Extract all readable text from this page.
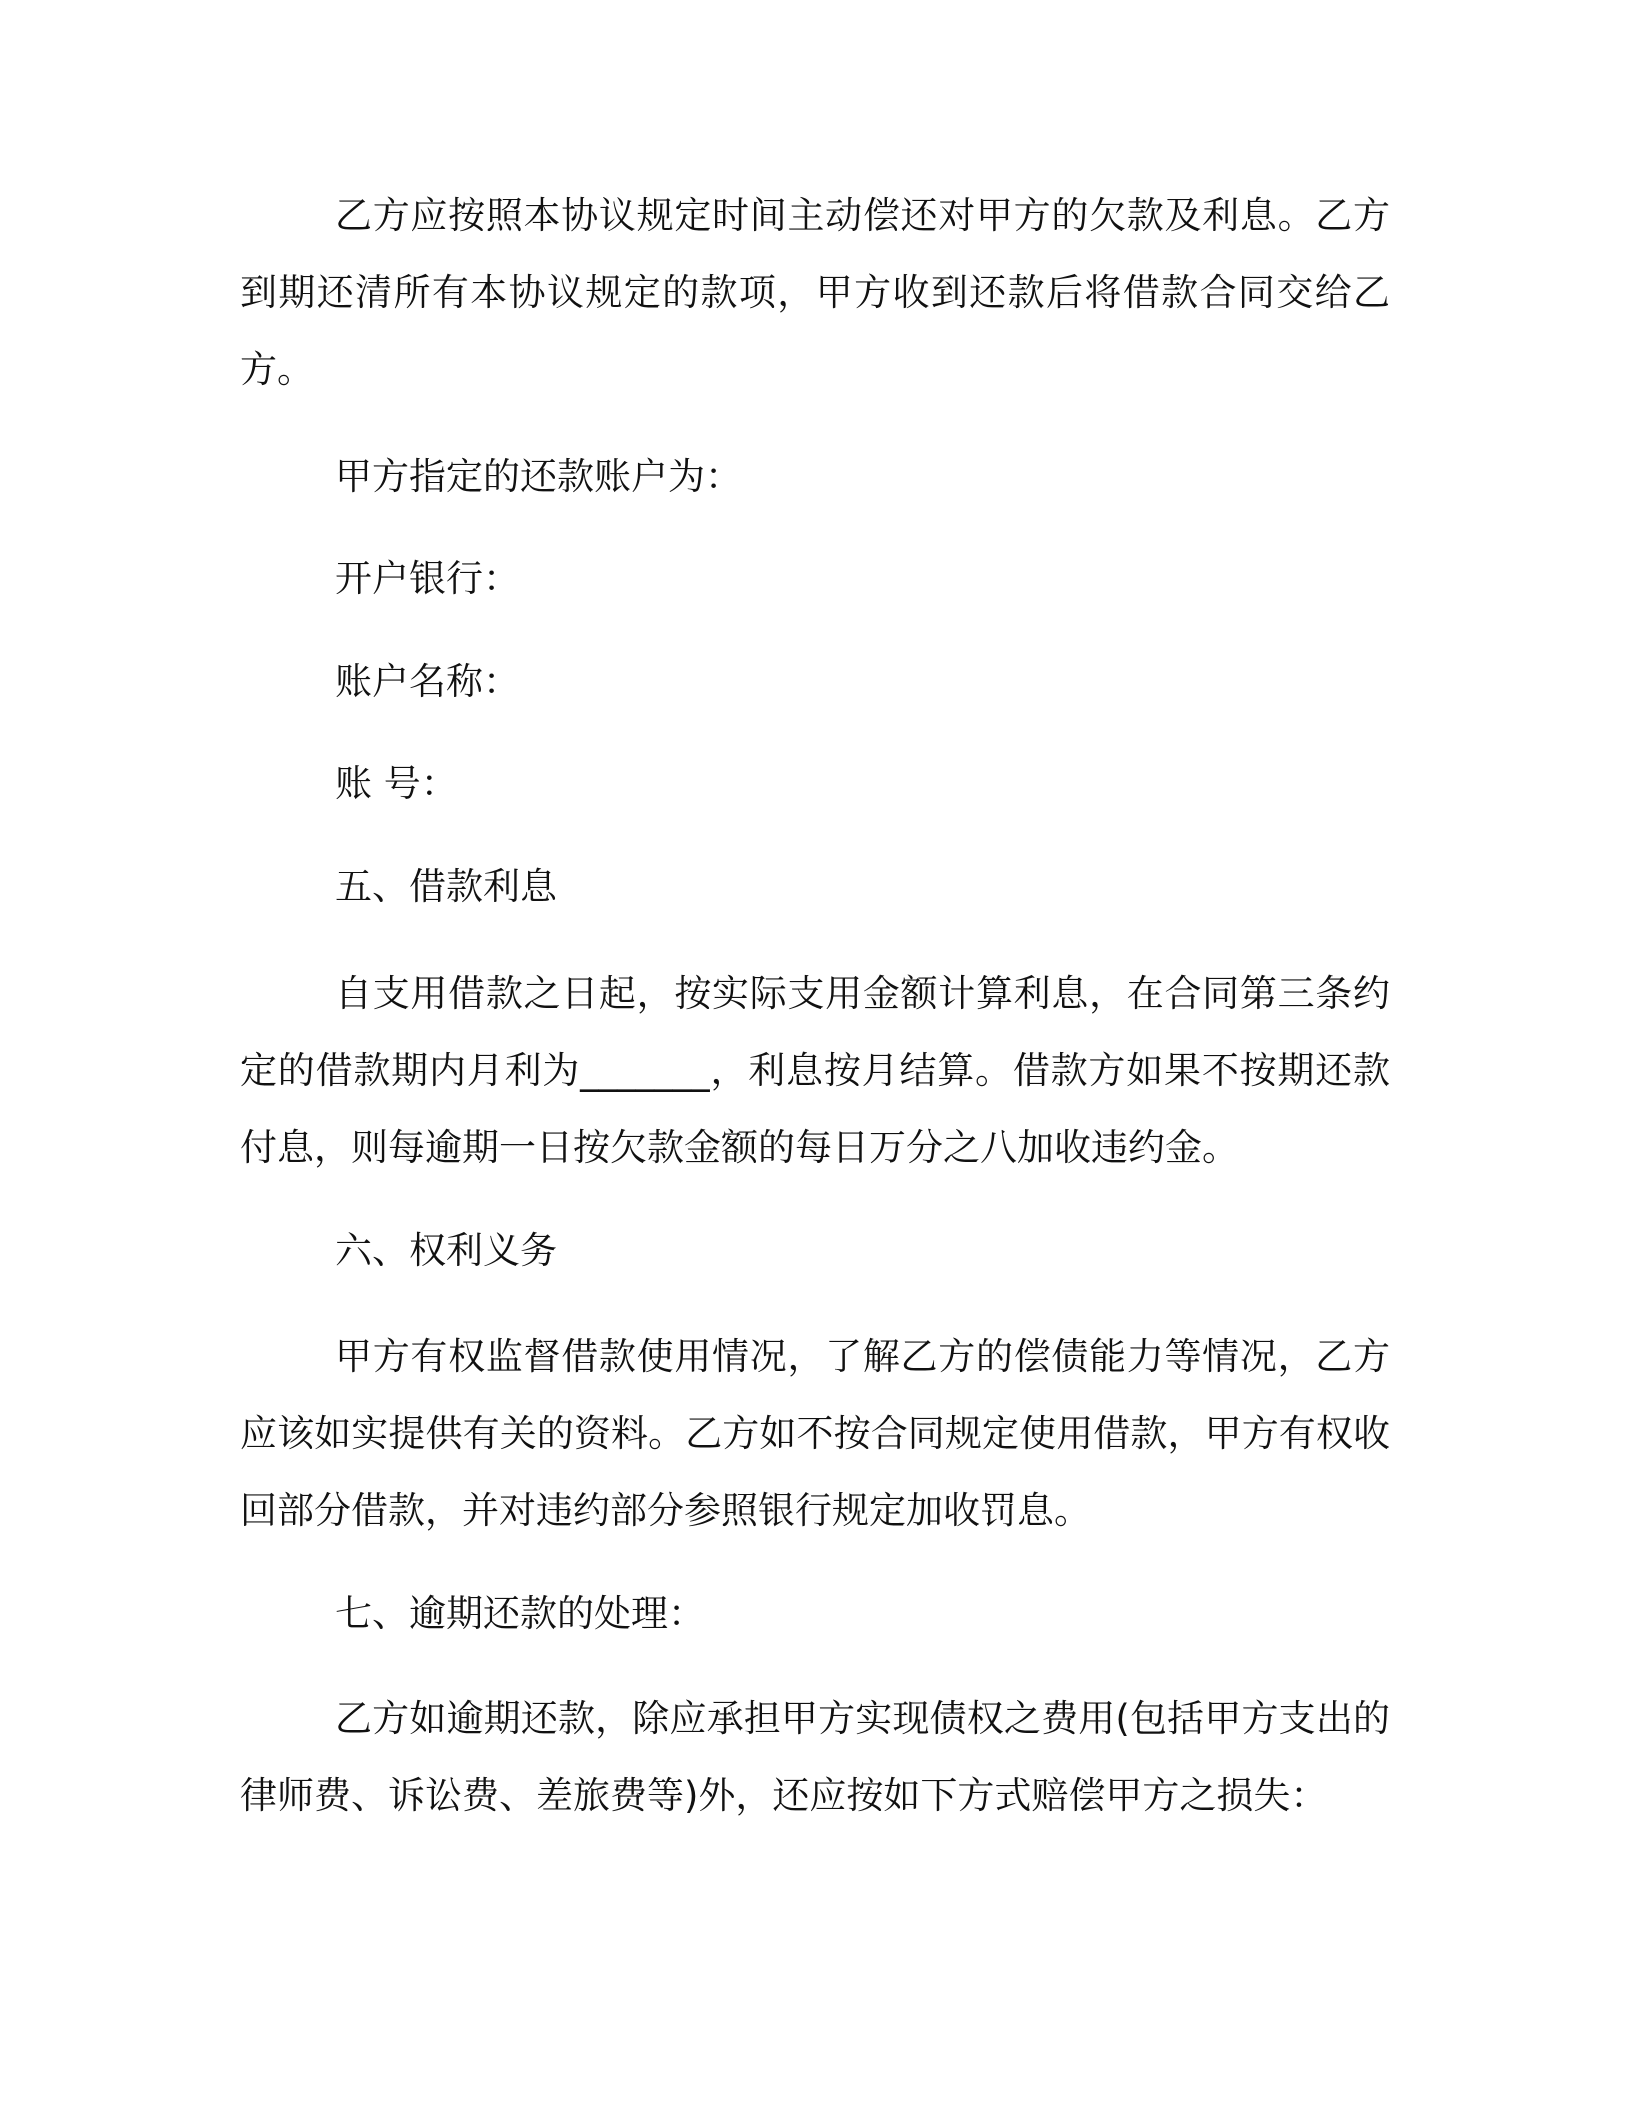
乙方应按照本协议规定时间主动偿还对甲方的欠款及利息。乙方到期还清所有本协议规定的款项，甲方收到还款后将借款合同交给乙方。

甲方指定的还款账户为：

开户银行：

账户名称：

账 号：

五、借款利息

自支用借款之日起，按实际支用金额计算利息，在合同第三条约定的借款期内月利为_______，利息按月结算。借款方如果不按期还款付息，则每逾期一日按欠款金额的每日万分之八加收违约金。

六、权利义务

甲方有权监督借款使用情况，了解乙方的偿债能力等情况，乙方应该如实提供有关的资料。乙方如不按合同规定使用借款，甲方有权收回部分借款，并对违约部分参照银行规定加收罚息。

七、逾期还款的处理：

乙方如逾期还款，除应承担甲方实现债权之费用(包括甲方支出的律师费、诉讼费、差旅费等)外，还应按如下方式赔偿甲方之损失：
